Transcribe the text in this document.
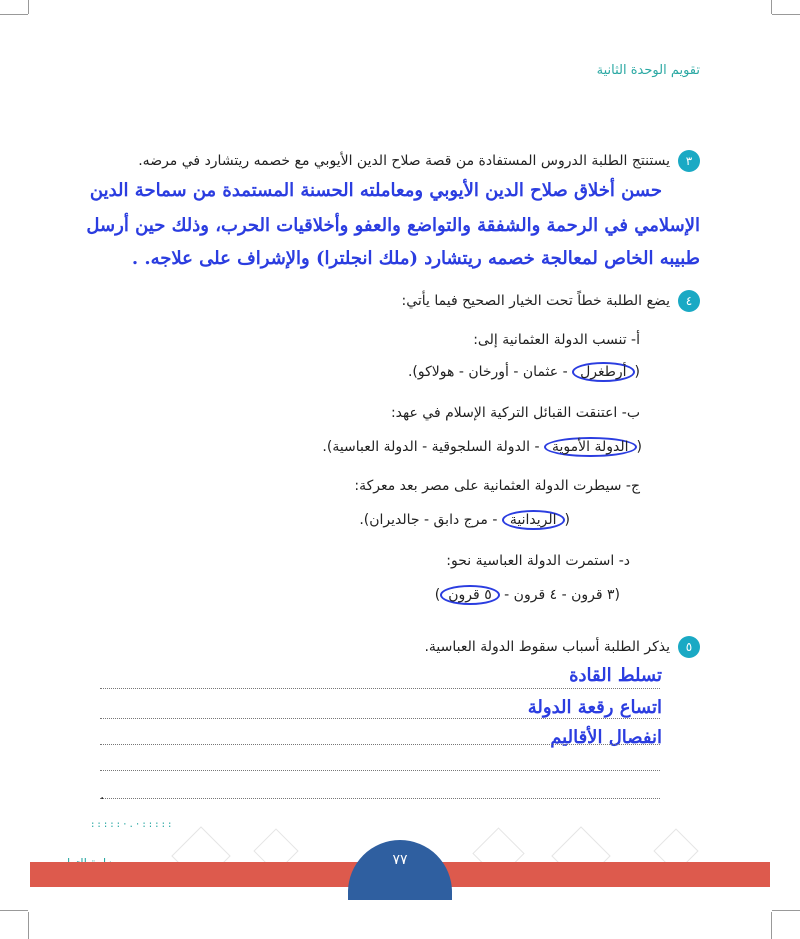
تقويم الوحدة الثانية
٣يستنتج الطلبة الدروس المستفادة من قصة صلاح الدين الأيوبي مع خصمه ريتشارد في مرضه.
حسن أخلاق صلاح الدين الأيوبي ومعاملته الحسنة المستمدة من سماحة الدين
الإسلامي في الرحمة والشفقة والتواضع والعفو وأخلاقيات الحرب، وذلك حين أرسل
طبيبه الخاص لمعالجة خصمه ريتشارد (ملك انجلترا) والإشراف على علاجه. .
٤يضع الطلبة خطاً تحت الخيار الصحيح فيما يأتي:
أ- تنسب الدولة العثمانية إلى:
(أرطغرل - عثمان - أورخان - هولاكو).
ب- اعتنقت القبائل التركية الإسلام في عهد:
(الدولة الأموية - الدولة السلجوقية - الدولة العباسية).
ج- سيطرت الدولة العثمانية على مصر بعد معركة:
(الريدانية - مرج دابق - جالديران).
د- استمرت الدولة العباسية نحو:
(٣ قرون - ٤ قرون - ٥ قرون)
٥يذكر الطلبة أسباب سقوط الدولة العباسية.
تسلط القادة
اتساع رقعة الدولة
انفصال الأقاليم
.
:::::·.·:::::
٧٧
